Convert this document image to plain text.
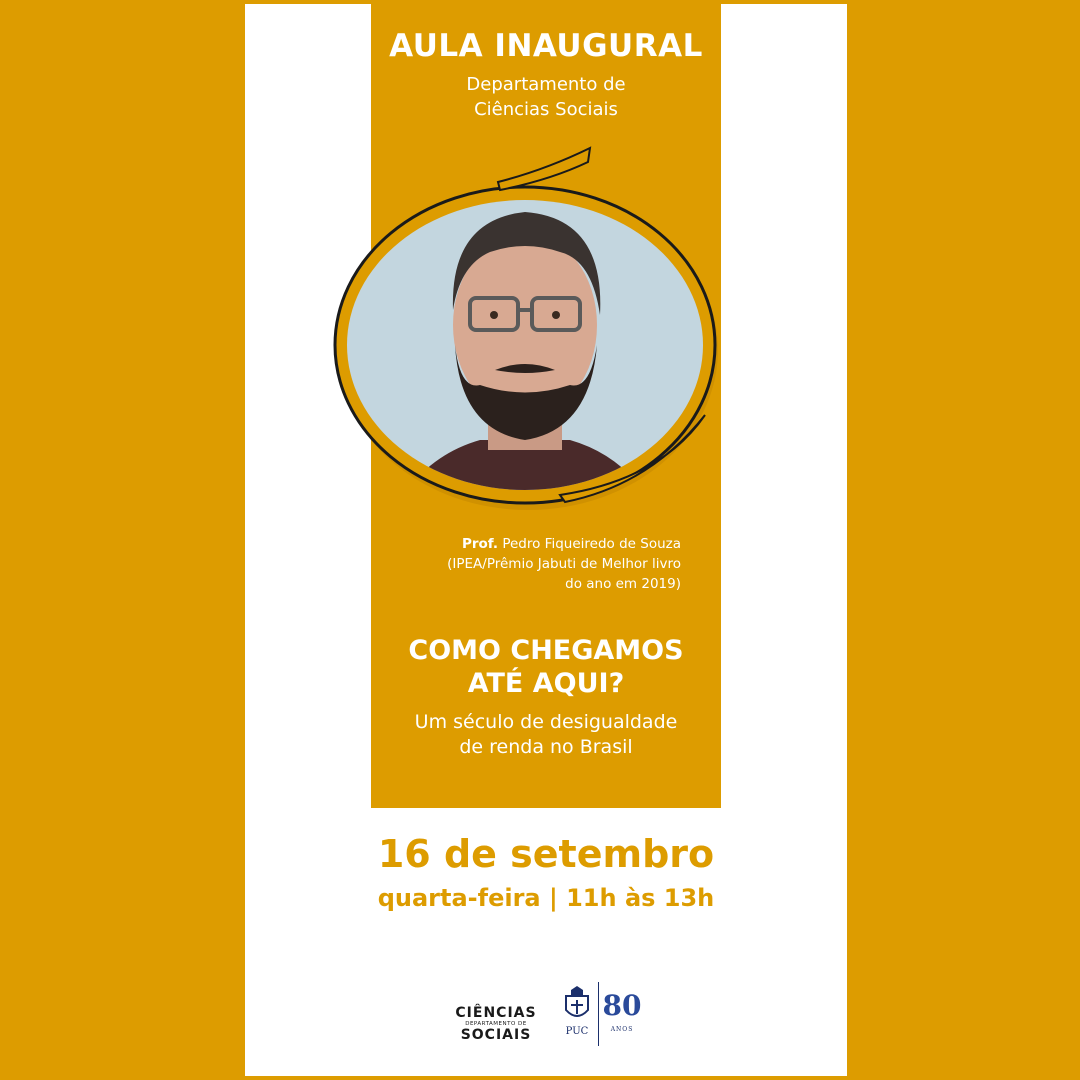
AULA INAUGURAL
Departamento de
Ciências Sociais
Prof. Pedro Fiqueiredo de Souza
(IPEA/Prêmio Jabuti de Melhor livro
do ano em 2019)
COMO CHEGAMOS
ATÉ AQUI?
Um século de desigualdade
de renda no Brasil
16 de setembro
quarta-feira | 11h às 13h
CIÊNCIAS
DEPARTAMENTO DE
SOCIAIS	PUC
80
ANOS
